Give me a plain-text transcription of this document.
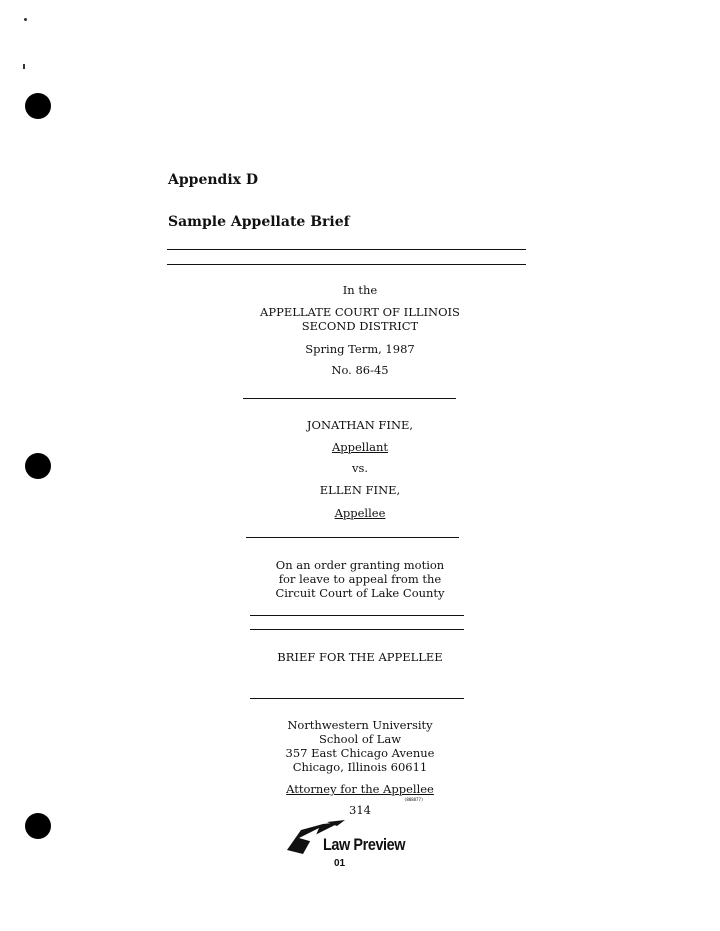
Appendix D
Sample Appellate Brief
In the
APPELLATE COURT OF ILLINOIS
SECOND DISTRICT
Spring Term, 1987
No. 86-45
JONATHAN FINE,
Appellant
vs.
ELLEN FINE,
Appellee
On an order granting motion
for leave to appeal from the
Circuit Court of Lake County
BRIEF FOR THE APPELLEE
Northwestern University
School of Law
357 East Chicago Avenue
Chicago, Illinois 60611
Attorney for the Appellee
(888877)
314
Law Preview
01
